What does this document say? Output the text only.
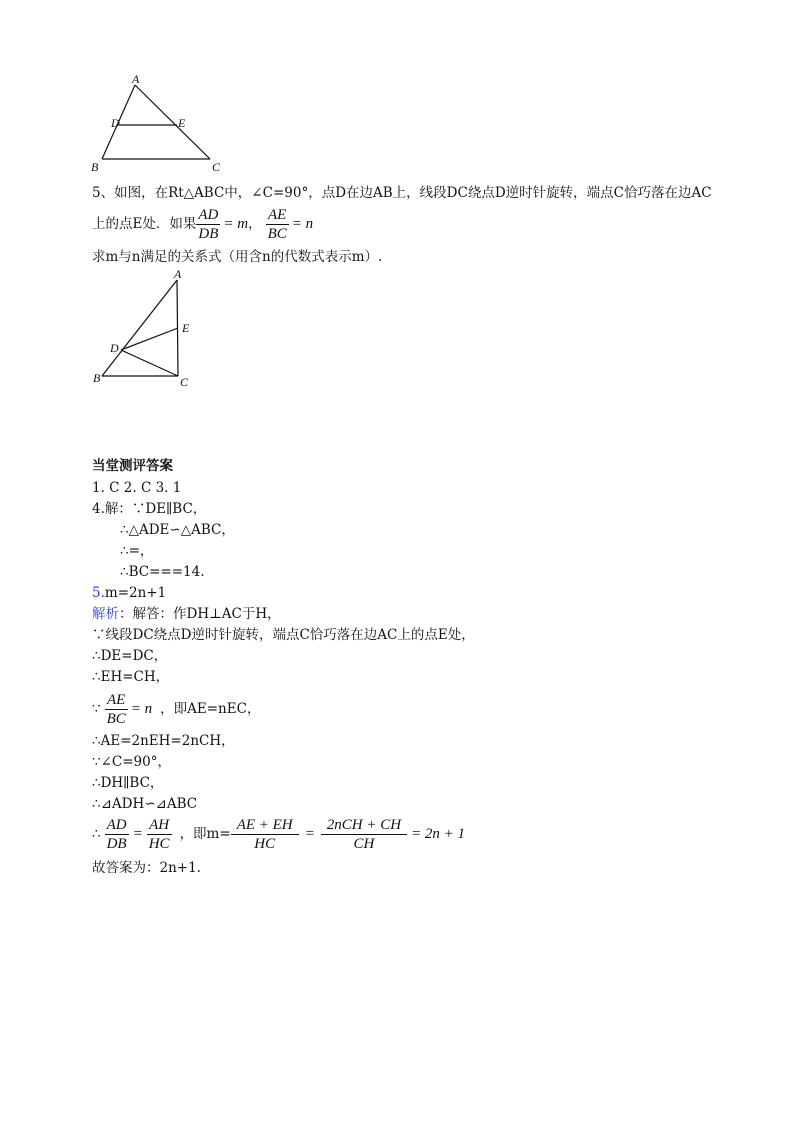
A
D	E
B	C
5、如图，在Rt△ABC中，∠C=90°，点D在边AB上，线段DC绕点D逆时针旋转，端点C恰巧落在边AC
上的点E处．如果 $\frac{AD}{DB} = m$ ， $\frac{AE}{BC} = n$
求m与n满足的关系式（用含n的代数式表示m）.
A
E
D
B	C
当堂测评答案
1. C 2. C 3. 1
4.解：∵DE∥BC，
∴△ADE∽△ABC，
∴=，
∴BC===14.
5.m=2n+1
解析：解答：作DH⊥AC于H，
∵线段DC绕点D逆时针旋转，端点C恰巧落在边AC上的点E处，
∴DE=DC，
∴EH=CH，
∵ $\frac{AE}{BC} = n$ ，即AE=nEC，
∴AE=2nEH=2nCH，
∵∠C=90°，
∴DH∥BC，
∴⊿ADH∽⊿ABC
∴ $\frac{AD}{DB} = \frac{AH}{HC}$ ，即$m= \frac{AE + EH}{HC} = \frac{\text{2nCH + CH}}{CH} = 2n + 1$
故答案为：2n+1.
